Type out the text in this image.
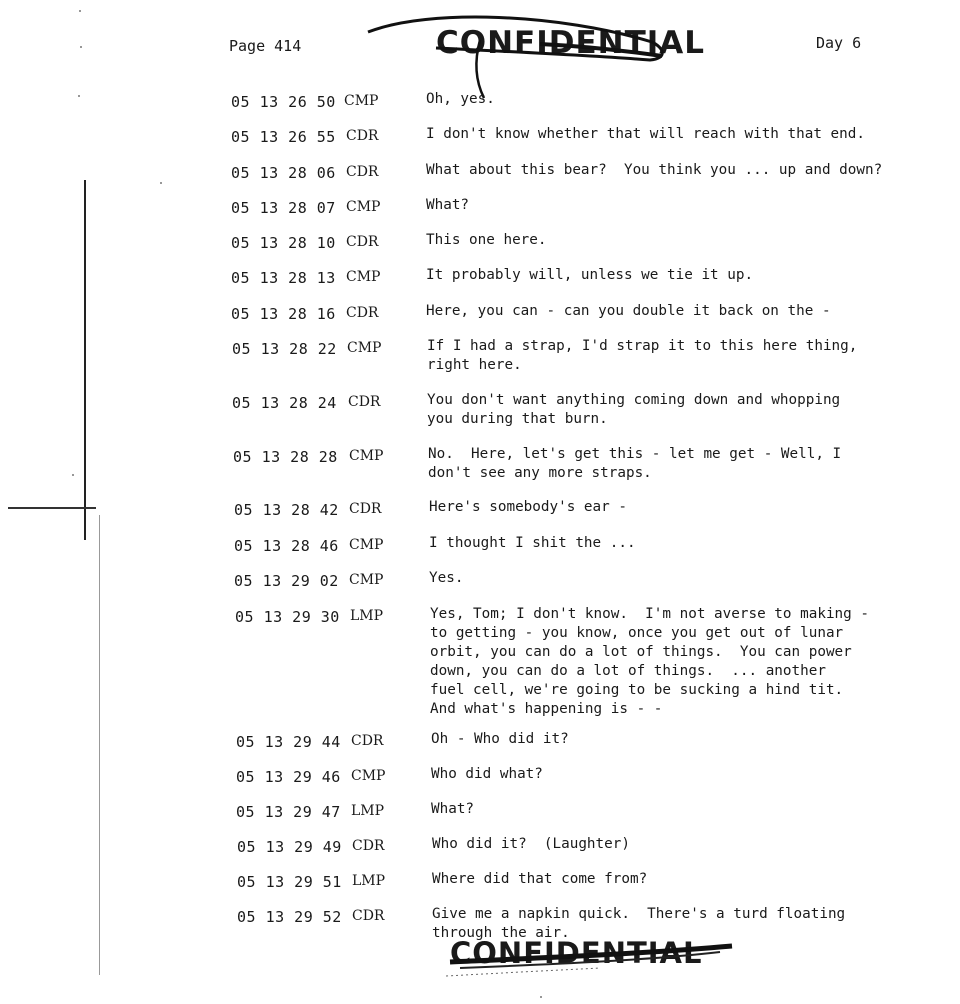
Page 414	Day 6
CONFIDENTIAL
CONFIDENTIAL
05 13 26 50 CMP	Oh, yes.
05 13 26 55 CDR	I don't know whether that will reach with that end.
05 13 28 06 CDR	What about this bear?  You think you ... up and down?
05 13 28 07 CMP	What?
05 13 28 10 CDR	This one here.
05 13 28 13 CMP	It probably will, unless we tie it up.
05 13 28 16 CDR	Here, you can - can you double it back on the -
05 13 28 22 CMP	If I had a strap, I'd strap it to this here thing,
right here.
05 13 28 24 CDR	You don't want anything coming down and whopping
you during that burn.
05 13 28 28 CMP	No.  Here, let's get this - let me get - Well, I
don't see any more straps.
05 13 28 42 CDR	Here's somebody's ear -
05 13 28 46 CMP	I thought I shit the ...
05 13 29 02 CMP	Yes.
05 13 29 30 LMP	Yes, Tom; I don't know.  I'm not averse to making -
to getting - you know, once you get out of lunar
orbit, you can do a lot of things.  You can power
down, you can do a lot of things.  ... another
fuel cell, we're going to be sucking a hind tit.
And what's happening is - -
05 13 29 44 CDR	Oh - Who did it?
05 13 29 46 CMP	Who did what?
05 13 29 47 LMP	What?
05 13 29 49 CDR	Who did it?  (Laughter)
05 13 29 51 LMP	Where did that come from?
05 13 29 52 CDR	Give me a napkin quick.  There's a turd floating
through the air.
